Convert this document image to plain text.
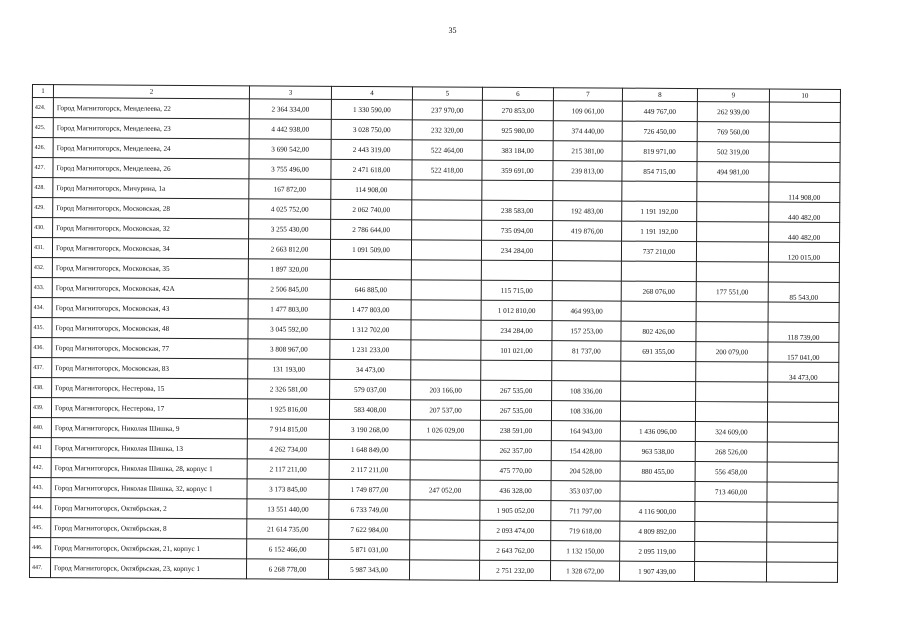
35
1	2	3	4	5	6	7	8	9	10
424.	Город Магнитогорск, Менделеева, 22	2 364 334,00	1 330 590,00	237 970,00	270 853,00	109 061,00	449 767,00	262 939,00	

425.	Город Магнитогорск, Менделеева, 23	4 442 938,00	3 028 750,00	232 320,00	925 980,00	374 440,00	726 450,00	769 560,00	

426.	Город Магнитогорск, Менделеева, 24	3 690 542,00	2 443 319,00	522 464,00	383 184,00	215 381,00	819 971,00	502 319,00	

427.	Город Магнитогорск, Менделеева, 26	3 755 496,00	2 471 618,00	522 418,00	359 691,00	239 813,00	854 715,00	494 981,00	

428.	Город Магнитогорск, Мичурина, 1а	167 872,00	114 908,00						114 908,00

429.	Город Магнитогорск, Московская, 28	4 025 752,00	2 062 740,00		238 583,00	192 483,00	1 191 192,00		440 482,00

430.	Город Магнитогорск, Московская, 32	3 255 430,00	2 786 644,00		735 094,00	419 876,00	1 191 192,00		440 482,00

431.	Город Магнитогорск, Московская, 34	2 663 812,00	1 091 509,00		234 284,00		737 210,00		120 015,00

432.	Город Магнитогорск, Московская, 35	1 897 320,00							

433.	Город Магнитогорск, Московская, 42А	2 506 845,00	646 885,00		115 715,00		268 076,00	177 551,00	85 543,00

434.	Город Магнитогорск, Московская, 43	1 477 803,00	1 477 803,00		1 012 810,00	464 993,00			

435.	Город Магнитогорск, Московская, 48	3 045 592,00	1 312 702,00		234 284,00	157 253,00	802 426,00		118 739,00

436.	Город Магнитогорск, Московская, 77	3 808 967,00	1 231 233,00		101 021,00	81 737,00	691 355,00	200 079,00	157 041,00

437.	Город Магнитогорск, Московская, 83	131 193,00	34 473,00						34 473,00

438.	Город Магнитогорск, Нестерова, 15	2 326 581,00	579 037,00	203 166,00	267 535,00	108 336,00			

439.	Город Магнитогорск, Нестерова, 17	1 925 816,00	583 408,00	207 537,00	267 535,00	108 336,00			

440.	Город Магнитогорск, Николая Шишка, 9	7 914 815,00	3 190 268,00	1 026 029,00	238 591,00	164 943,00	1 436 096,00	324 609,00	

441	Город Магнитогорск, Николая Шишка, 13	4 262 734,00	1 648 849,00		262 357,00	154 428,00	963 538,00	268 526,00	

442.	Город Магнитогорск, Николая Шишка, 28, корпус 1	2 117 211,00	2 117 211,00		475 770,00	204 528,00	880 455,00	556 458,00	

443.	Город Магнитогорск, Николая Шишка, 32, корпус 1	3 173 845,00	1 749 877,00	247 052,00	436 328,00	353 037,00		713 460,00	

444.	Город Магнитогорск, Октябрьская, 2	13 551 440,00	6 733 749,00		1 905 052,00	711 797,00	4 116 900,00		

445.	Город Магнитогорск, Октябрьская, 8	21 614 735,00	7 622 984,00		2 093 474,00	719 618,00	4 809 892,00		

446.	Город Магнитогорск, Октябрьская, 21, корпус 1	6 152 466,00	5 871 031,00		2 643 762,00	1 132 150,00	2 095 119,00		

447.	Город Магнитогорск, Октябрьская, 23, корпус 1	6 268 778,00	5 987 343,00		2 751 232,00	1 328 672,00	1 907 439,00		
